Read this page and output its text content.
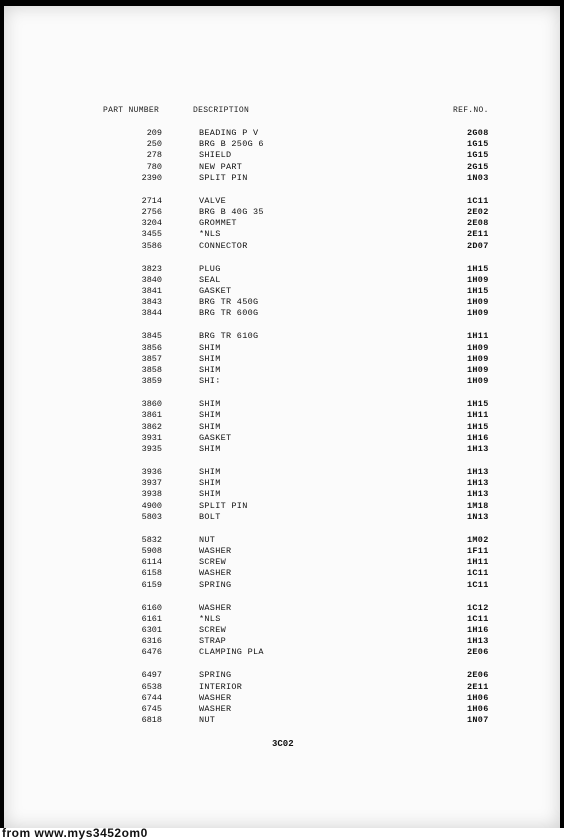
PART NUMBER	DESCRIPTION	REF.NO.
209	BEADING P V	2G08
250	BRG B 250G 6	1G15
278	SHIELD	1G15
780	NEW PART	2G15
2390	SPLIT PIN	1N03
2714	VALVE	1C11
2756	BRG B 40G 35	2E02
3204	GROMMET	2E08
3455	*NLS	2E11
3586	CONNECTOR	2D07
3823	PLUG	1H15
3840	SEAL	1H09
3841	GASKET	1H15
3843	BRG TR 450G	1H09
3844	BRG TR 600G	1H09
3845	BRG TR 610G	1H11
3856	SHIM	1H09
3857	SHIM	1H09
3858	SHIM	1H09
3859	SHI∶	1H09
3860	SHIM	1H15
3861	SHIM	1H11
3862	SHIM	1H15
3931	GASKET	1H16
3935	SHIM	1H13
3936	SHIM	1H13
3937	SHIM	1H13
3938	SHIM	1H13
4900	SPLIT PIN	1M18
5803	BOLT	1N13
5832	NUT	1M02
5908	WASHER	1F11
6114	SCREW	1H11
6158	WASHER	1C11
6159	SPRING	1C11
6160	WASHER	1C12
6161	*NLS	1C11
6301	SCREW	1H16
6316	STRAP	1H13
6476	CLAMPING PLA	2E06
6497	SPRING	2E06
6538	INTERIOR	2E11
6744	WASHER	1H06
6745	WASHER	1H06
6818	NUT	1N07
3C02
from www.mys3452om0
